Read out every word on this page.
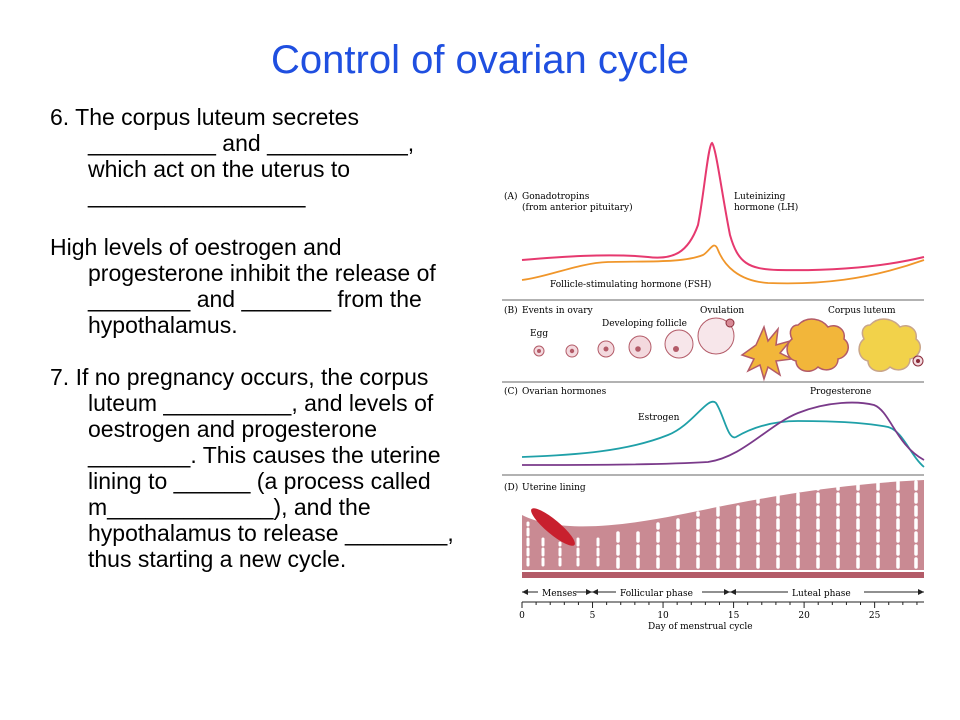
Control of ovarian cycle

6. The corpus luteum secretes __________ and ___________, which act on the uterus to _________________

High levels of oestrogen and progesterone inhibit the release of ________ and _______ from the hypothalamus.

7. If no pregnancy occurs, the corpus luteum __________, and levels of oestrogen and progesterone ________. This causes the uterine lining to ______ (a process called m_____________), and the hypothalamus to release ________, thus starting a new cycle.

(A) Gonadotropins
(from anterior pituitary)
Luteinizing
hormone (LH)
Follicle-stimulating hormone (FSH)
(B) Events in ovary
Egg
Developing follicle
Ovulation	Corpus luteum
(C) Ovarian hormones
Estrogen
Progesterone
(D) Uterine lining
Menses	Follicular phase	Luteal phase
0	5	10	15	20	25
Day of menstrual cycle
